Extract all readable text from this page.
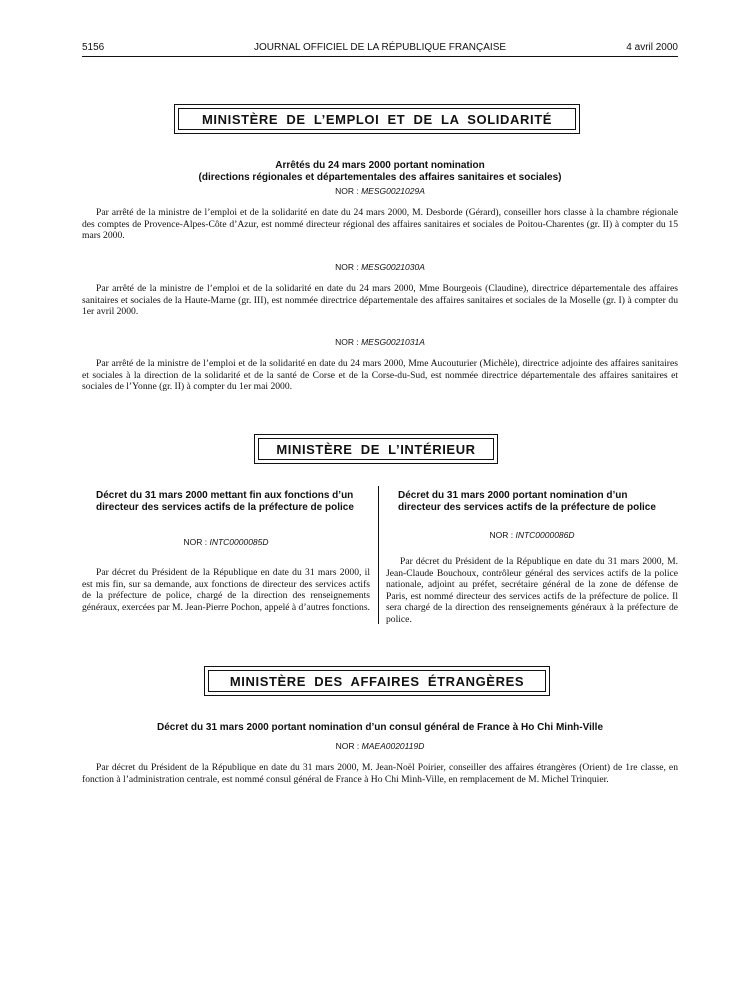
5156	JOURNAL OFFICIEL DE LA RÉPUBLIQUE FRANÇAISE	4 avril 2000
MINISTÈRE DE L’EMPLOI ET DE LA SOLIDARITÉ
Arrêtés du 24 mars 2000 portant nomination
(directions régionales et départementales des affaires sanitaires et sociales)
NOR : MESG0021029A

Par arrêté de la ministre de l’emploi et de la solidarité en date du 24 mars 2000, M. Desborde (Gérard), conseiller hors classe à la chambre régionale des comptes de Provence-Alpes-Côte d’Azur, est nommé directeur régional des affaires sanitaires et sociales de Poitou-Charentes (gr. II) à compter du 15 mars 2000.

NOR : MESG0021030A

Par arrêté de la ministre de l’emploi et de la solidarité en date du 24 mars 2000, Mme Bourgeois (Claudine), directrice départementale des affaires sanitaires et sociales de la Haute-Marne (gr. III), est nommée directrice départementale des affaires sanitaires et sociales de la Moselle (gr. I) à compter du 1er avril 2000.

NOR : MESG0021031A

Par arrêté de la ministre de l’emploi et de la solidarité en date du 24 mars 2000, Mme Aucouturier (Michèle), directrice adjointe des affaires sanitaires et sociales à la direction de la solidarité et de la santé de Corse et de la Corse-du-Sud, est nommée directrice départementale des affaires sanitaires et sociales de l’Yonne (gr. II) à compter du 1er mai 2000.

MINISTÈRE DE L’INTÉRIEUR
Décret du 31 mars 2000 mettant fin aux fonctions d’un directeur des services actifs de la préfecture de police
NOR : INTC0000085D

Par décret du Président de la République en date du 31 mars 2000, il est mis fin, sur sa demande, aux fonctions de directeur des services actifs de la préfecture de police, chargé de la direction des renseignements généraux, exercées par M. Jean-Pierre Pochon, appelé à d’autres fonctions.

Décret du 31 mars 2000 portant nomination d’un directeur des services actifs de la préfecture de police
NOR : INTC0000086D

Par décret du Président de la République en date du 31 mars 2000, M. Jean-Claude Bouchoux, contrôleur général des services actifs de la police nationale, adjoint au préfet, secrétaire général de la zone de défense de Paris, est nommé directeur des services actifs de la préfecture de police. Il sera chargé de la direction des renseignements généraux à la préfecture de police.

MINISTÈRE DES AFFAIRES ÉTRANGÈRES
Décret du 31 mars 2000 portant nomination d’un consul général de France à Ho Chi Minh-Ville
NOR : MAEA0020119D

Par décret du Président de la République en date du 31 mars 2000, M. Jean-Noël Poirier, conseiller des affaires étrangères (Orient) de 1re classe, en fonction à l’administration centrale, est nommé consul général de France à Ho Chi Minh-Ville, en remplacement de M. Michel Trinquier.
